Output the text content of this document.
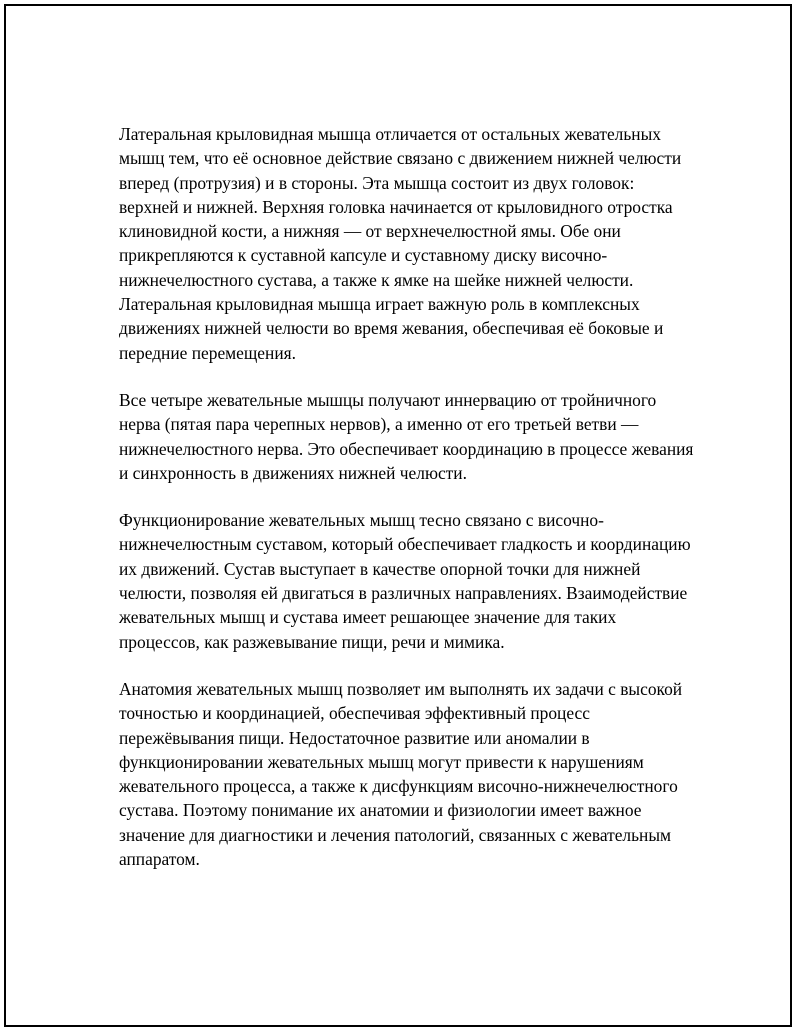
Латеральная крыловидная мышца отличается от остальных жевательных мышц тем, что её основное действие связано с движением нижней челюсти вперед (протрузия) и в стороны. Эта мышца состоит из двух головок: верхней и нижней. Верхняя головка начинается от крыловидного отростка клиновидной кости, а нижняя — от верхнечелюстной ямы. Обе они прикрепляются к суставной капсуле и суставному диску височно-нижнечелюстного сустава, а также к ямке на шейке нижней челюсти. Латеральная крыловидная мышца играет важную роль в комплексных движениях нижней челюсти во время жевания, обеспечивая её боковые и передние перемещения.

Все четыре жевательные мышцы получают иннервацию от тройничного нерва (пятая пара черепных нервов), а именно от его третьей ветви — нижнечелюстного нерва. Это обеспечивает координацию в процессе жевания и синхронность в движениях нижней челюсти.

Функционирование жевательных мышц тесно связано с височно-нижнечелюстным суставом, который обеспечивает гладкость и координацию их движений. Сустав выступает в качестве опорной точки для нижней челюсти, позволяя ей двигаться в различных направлениях. Взаимодействие жевательных мышц и сустава имеет решающее значение для таких процессов, как разжевывание пищи, речи и мимика.

Анатомия жевательных мышц позволяет им выполнять их задачи с высокой точностью и координацией, обеспечивая эффективный процесс пережёвывания пищи. Недостаточное развитие или аномалии в функционировании жевательных мышц могут привести к нарушениям жевательного процесса, а также к дисфункциям височно-нижнечелюстного сустава. Поэтому понимание их анатомии и физиологии имеет важное значение для диагностики и лечения патологий, связанных с жевательным аппаратом.
